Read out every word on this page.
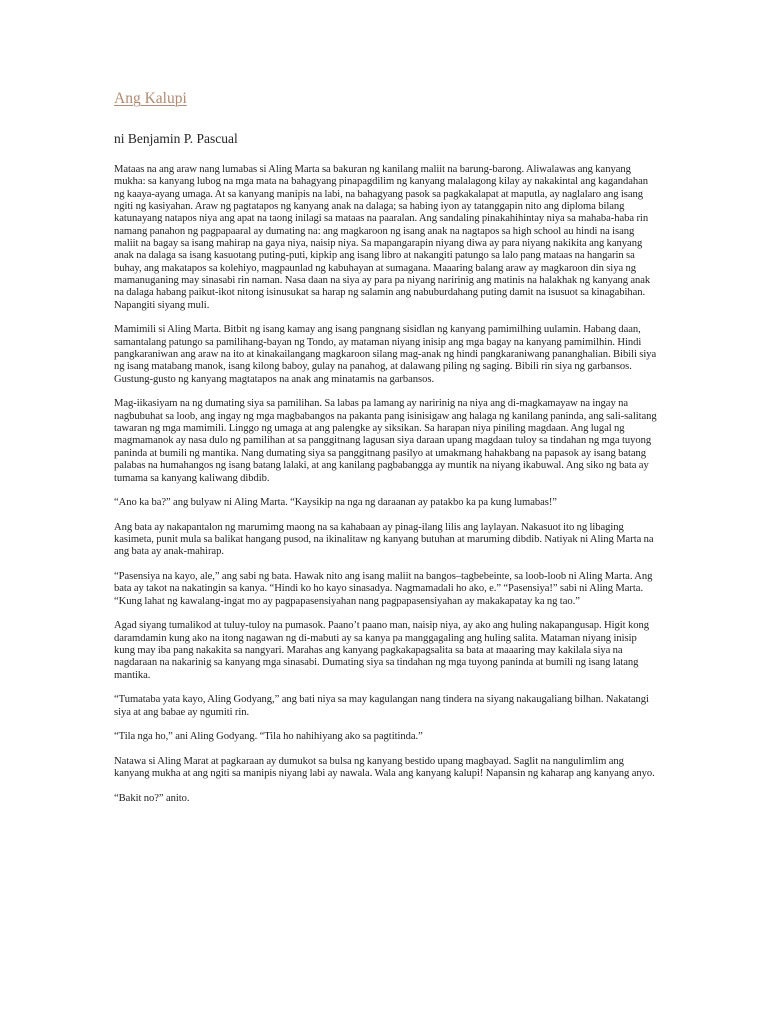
Ang Kalupi
ni Benjamin P. Pascual

Mataas na ang araw nang lumabas si Aling Marta sa bakuran ng kanilang maliit na barung-barong. Aliwalawas ang kanyang mukha: sa kanyang lubog na mga mata na bahagyang pinapagdilim ng kanyang malalagong kilay ay nakakintal ang kagandahan ng kaaya-ayang umaga. At sa kanyang manipis na labi, na bahagyang pasok sa pagkakalapat at maputla, ay naglalaro ang isang ngiti ng kasiyahan. Araw ng pagtatapos ng kanyang anak na dalaga; sa habing iyon ay tatanggapin nito ang diploma bilang katunayang natapos niya ang apat na taong inilagi sa mataas na paaralan. Ang sandaling pinakahihintay niya sa mahaba-haba rin namang panahon ng pagpapaaral ay dumating na: ang magkaroon ng isang anak na nagtapos sa high school au hindi na isang maliit na bagay sa isang mahirap na gaya niya, naisip niya. Sa mapangarapin niyang diwa ay para niyang nakikita ang kanyang anak na dalaga sa isang kasuotang puting-puti, kipkip ang isang libro at nakangiti patungo sa lalo pang mataas na hangarin sa buhay, ang makatapos sa kolehiyo, magpaunlad ng kabuhayan at sumagana. Maaaring balang araw ay magkaroon din siya ng mamanuganing may sinasabi rin naman. Nasa daan na siya ay para pa niyang naririnig ang matinis na halakhak ng kanyang anak na dalaga habang paikut-ikot nitong isinusukat sa harap ng salamin ang nabuburdahang puting damit na isusuot sa kinagabihan. Napangiti siyang muli.

Mamimili si Aling Marta. Bitbit ng isang kamay ang isang pangnang sisidlan ng kanyang pamimilhing uulamin. Habang daan, samantalang patungo sa pamilihang-bayan ng Tondo, ay mataman niyang inisip ang mga bagay na kanyang pamimilhin. Hindi pangkaraniwan ang araw na ito at kinakailangang magkaroon silang mag-anak ng hindi pangkaraniwang pananghalian. Bibili siya ng isang matabang manok, isang kilong baboy, gulay na panahog, at dalawang piling ng saging. Bibili rin siya ng garbansos. Gustung-gusto ng kanyang magtatapos na anak ang minatamis na garbansos.

Mag-iikasiyam na ng dumating siya sa pamilihan. Sa labas pa lamang ay naririnig na niya ang di-magkamayaw na ingay na nagbubuhat sa loob, ang ingay ng mga magbabangos na pakanta pang isinisigaw ang halaga ng kanilang paninda, ang sali-salitang tawaran ng mga mamimili. Linggo ng umaga at ang palengke ay siksikan. Sa harapan niya piniling magdaan. Ang lugal ng magmamanok ay nasa dulo ng pamilihan at sa panggitnang lagusan siya daraan upang magdaan tuloy sa tindahan ng mga tuyong paninda at bumili ng mantika. Nang dumating siya sa panggitnang pasilyo at umakmang hahakbang na papasok ay isang batang palabas na humahangos ng isang batang lalaki, at ang kanilang pagbabangga ay muntik na niyang ikabuwal. Ang siko ng bata ay tumama sa kanyang kaliwang dibdib.

“Ano ka ba?” ang bulyaw ni Aling Marta. “Kaysikip na nga ng daraanan ay patakbo ka pa kung lumabas!”

Ang bata ay nakapantalon ng marumimg maong na sa kahabaan ay pinag-ilang lilis ang laylayan. Nakasuot ito ng libaging kasimeta, punit mula sa balikat hangang pusod, na ikinalitaw ng kanyang butuhan at maruming dibdib. Natiyak ni Aling Marta na ang bata ay anak-mahirap.

“Pasensiya na kayo, ale,” ang sabi ng bata. Hawak nito ang isang maliit na bangos–tagbebeinte, sa loob-loob ni Aling Marta. Ang bata ay takot na nakatingin sa kanya. “Hindi ko ho kayo sinasadya. Nagmamadali ho ako, e.” “Pasensiya!” sabi ni Aling Marta. “Kung lahat ng kawalang-ingat mo ay pagpapasensiyahan nang pagpapasensiyahan ay makakapatay ka ng tao.”

Agad siyang tumalikod at tuluy-tuloy na pumasok. Paano’t paano man, naisip niya, ay ako ang huling nakapangusap. Higit kong daramdamin kung ako na itong nagawan ng di-mabuti ay sa kanya pa manggagaling ang huling salita. Mataman niyang inisip kung may iba pang nakakita sa nangyari. Marahas ang kanyang pagkakapagsalita sa bata at maaaring may kakilala siya na nagdaraan na nakarinig sa kanyang mga sinasabi. Dumating siya sa tindahan ng mga tuyong paninda at bumili ng isang latang mantika.

“Tumataba yata kayo, Aling Godyang,” ang bati niya sa may kagulangan nang tindera na siyang nakaugaliang bilhan. Nakatangi siya at ang babae ay ngumiti rin.

“Tila nga ho,” ani Aling Godyang. “Tila ho nahihiyang ako sa pagtitinda.”

Natawa si Aling Marat at pagkaraan ay dumukot sa bulsa ng kanyang bestido upang magbayad. Saglit na nangulimlim ang kanyang mukha at ang ngiti sa manipis niyang labi ay nawala. Wala ang kanyang kalupi! Napansin ng kaharap ang kanyang anyo.

“Bakit no?” anito.
